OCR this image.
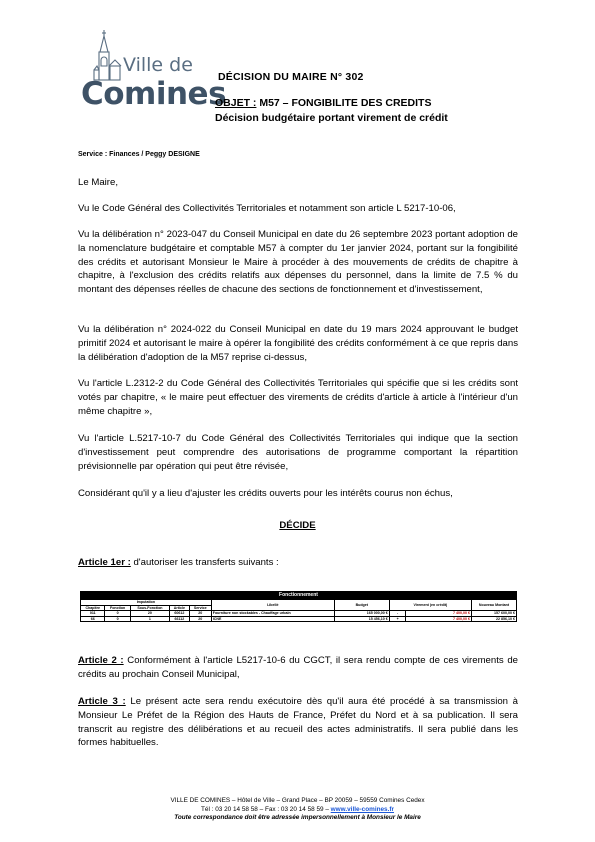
Ville de
Comines
DÉCISION DU MAIRE N° 302
OBJET : M57 – FONGIBILITE DES CREDITS
Décision budgétaire portant virement de crédit
Service : Finances / Peggy DESIGNE

Le Maire,

Vu le Code Général des Collectivités Territoriales et notamment son article L 5217-10-06,

Vu la délibération n° 2023-047 du Conseil Municipal en date du 26 septembre 2023 portant adoption de la nomenclature budgétaire et comptable M57 à compter du 1er janvier 2024, portant sur la fongibilité des crédits et autorisant Monsieur le Maire à procéder à des mouvements de crédits de chapitre à chapitre, à l'exclusion des crédits relatifs aux dépenses du personnel, dans la limite de 7.5 % du montant des dépenses réelles de chacune des sections de fonctionnement et d'investissement,

Vu la délibération n° 2024-022 du Conseil Municipal en date du 19 mars 2024 approuvant le budget primitif 2024 et autorisant le maire à opérer la fongibilité des crédits conformément à ce que repris dans la délibération d'adoption de la M57 reprise ci-dessus,

Vu l'article L.2312-2 du Code Général des Collectivités Territoriales qui spécifie que si les crédits sont votés par chapitre, « le maire peut effectuer des virements de crédits d'article à article à l'intérieur d'un même chapitre »,

Vu l'article L.5217-10-7 du Code Général des Collectivités Territoriales qui indique que la section d'investissement peut comprendre des autorisations de programme comportant la répartition prévisionnelle par opération qui peut être révisée,

Considérant qu'il y a lieu d'ajuster les crédits ouverts pour les intérêts courus non échus,

DÉCIDE

Article 1er : d'autoriser les transferts suivants :

Fonctionnement									
Imputation					Libellé	Budget	Virement (en crédit)		Nouveau Montant
Chapitre	Fonction	Sous-Fonction	Article	Service					
011	0	20	60612	20	Fourniture non stockables - Chauffage urbain	165 000,00 €	-	7 400,00 €	157 600,00 €
66	0	1	66112	20	ICNE	15 456,10 €	+	7 400,00 €	22 856,10 €

Article 2 : Conformément à l'article L5217-10-6 du CGCT, il sera rendu compte de ces virements de crédits au prochain Conseil Municipal,

Article 3 : Le présent acte sera rendu exécutoire dès qu'il aura été procédé à sa transmission à Monsieur Le Préfet de la Région des Hauts de France, Préfet du Nord et à sa publication. Il sera transcrit au registre des délibérations et au recueil des actes administratifs. Il sera publié dans les formes habituelles.

VILLE DE COMINES – Hôtel de Ville – Grand Place – BP 20059 – 59559 Comines Cedex
Tél : 03 20 14 58 58 – Fax : 03 20 14 58 59 – www.ville-comines.fr
Toute correspondance doit être adressée impersonnellement à Monsieur le Maire
